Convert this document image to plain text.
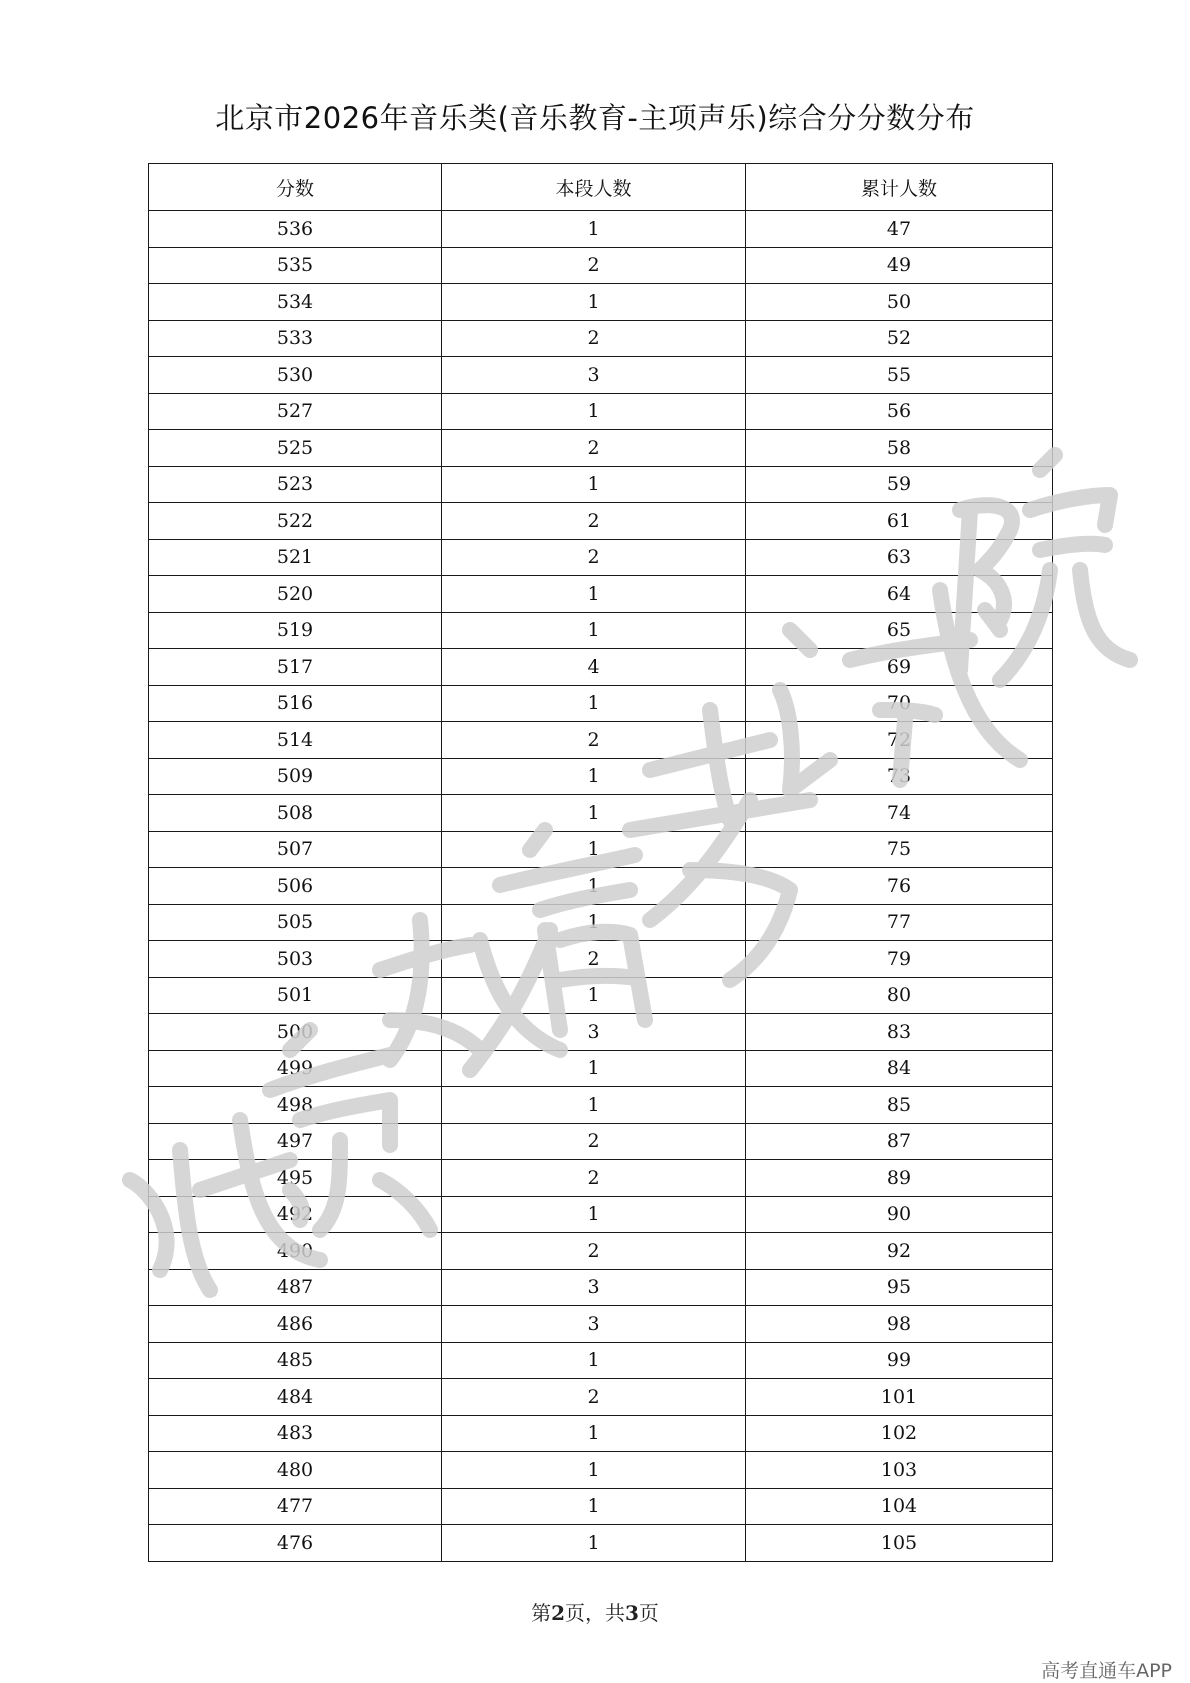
北京市2026年音乐类(音乐教育-主项声乐)综合分分数分布
分数	本段人数	累计人数
536	1	47
535	2	49
534	1	50
533	2	52
530	3	55
527	1	56
525	2	58
523	1	59
522	2	61
521	2	63
520	1	64
519	1	65
517	4	69
516	1	70
514	2	72
509	1	73
508	1	74
507	1	75
506	1	76
505	1	77
503	2	79
501	1	80
500	3	83
499	1	84
498	1	85
497	2	87
495	2	89
492	1	90
490	2	92
487	3	95
486	3	98
485	1	99
484	2	101
483	1	102
480	1	103
477	1	104
476	1	105
第2页，共3页
高考直通车APP
